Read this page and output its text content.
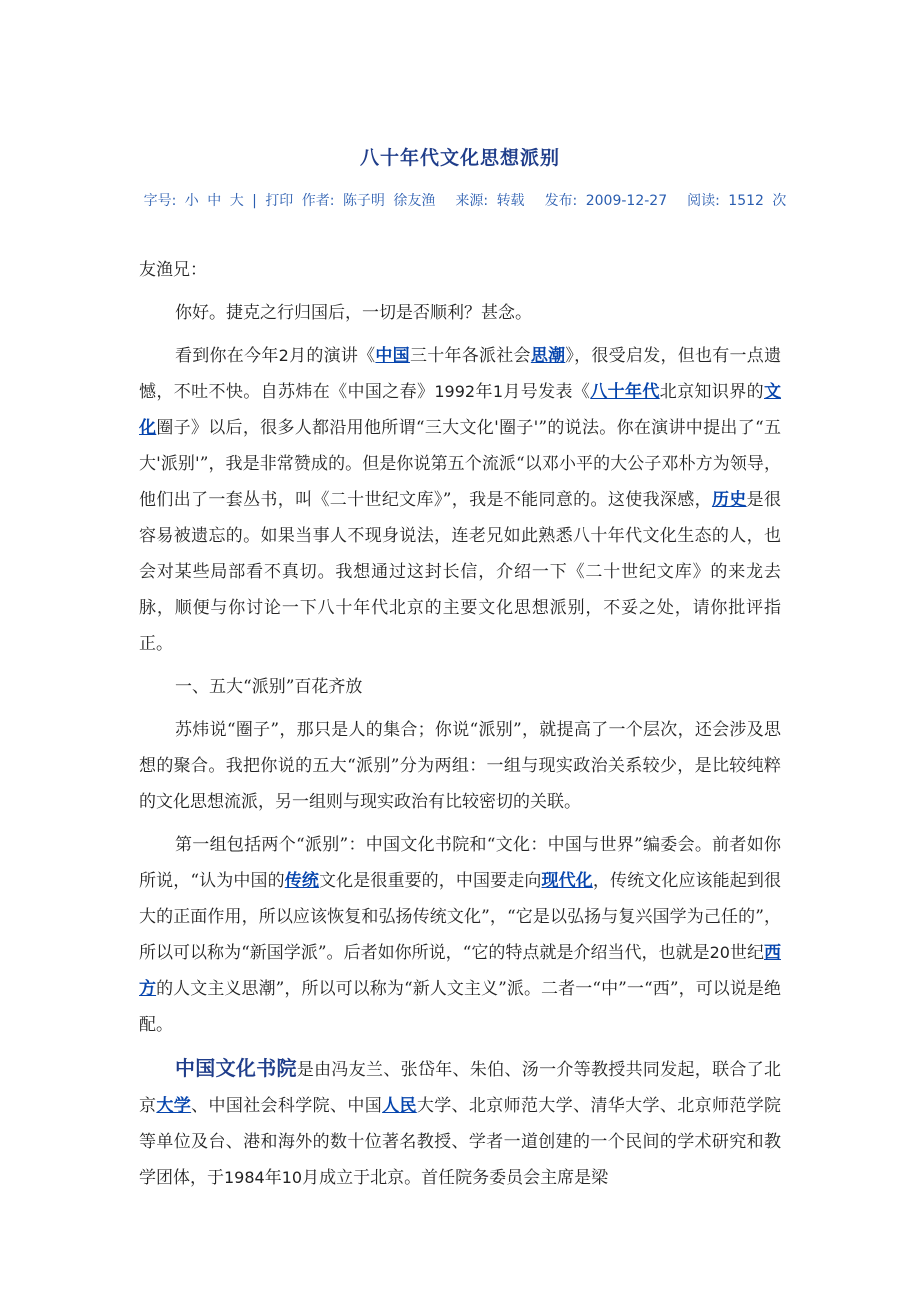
八十年代文化思想派别
字号: 小 中 大 | 打印 作者: 陈子明 徐友渔 来源: 转载 发布: 2009-12-27 阅读: 1512 次

友渔兄：

你好。捷克之行归国后，一切是否顺利？甚念。

看到你在今年2月的演讲《中国三十年各派社会思潮》，很受启发，但也有一点遗憾，不吐不快。自苏炜在《中国之春》1992年1月号发表《八十年代北京知识界的文化圈子》以后，很多人都沿用他所谓“三大文化'圈子'”的说法。你在演讲中提出了“五大'派别'”，我是非常赞成的。但是你说第五个流派“以邓小平的大公子邓朴方为领导，他们出了一套丛书，叫《二十世纪文库》”，我是不能同意的。这使我深感，历史是很容易被遗忘的。如果当事人不现身说法，连老兄如此熟悉八十年代文化生态的人，也会对某些局部看不真切。我想通过这封长信，介绍一下《二十世纪文库》的来龙去脉，顺便与你讨论一下八十年代北京的主要文化思想派别，不妥之处，请你批评指正。

一、五大“派别”百花齐放

苏炜说“圈子”，那只是人的集合；你说“派别”，就提高了一个层次，还会涉及思想的聚合。我把你说的五大“派别”分为两组：一组与现实政治关系较少，是比较纯粹的文化思想流派，另一组则与现实政治有比较密切的关联。

第一组包括两个“派别”：中国文化书院和“文化：中国与世界”编委会。前者如你所说，“认为中国的传统文化是很重要的，中国要走向现代化，传统文化应该能起到很大的正面作用，所以应该恢复和弘扬传统文化”，“它是以弘扬与复兴国学为己任的”，所以可以称为“新国学派”。后者如你所说，“它的特点就是介绍当代，也就是20世纪西方的人文主义思潮”，所以可以称为“新人文主义”派。二者一“中”一“西”，可以说是绝配。

中国文化书院是由冯友兰、张岱年、朱伯、汤一介等教授共同发起，联合了北京大学、中国社会科学院、中国人民大学、北京师范大学、清华大学、北京师范学院等单位及台、港和海外的数十位著名教授、学者一道创建的一个民间的学术研究和教学团体，于1984年10月成立于北京。首任院务委员会主席是梁
